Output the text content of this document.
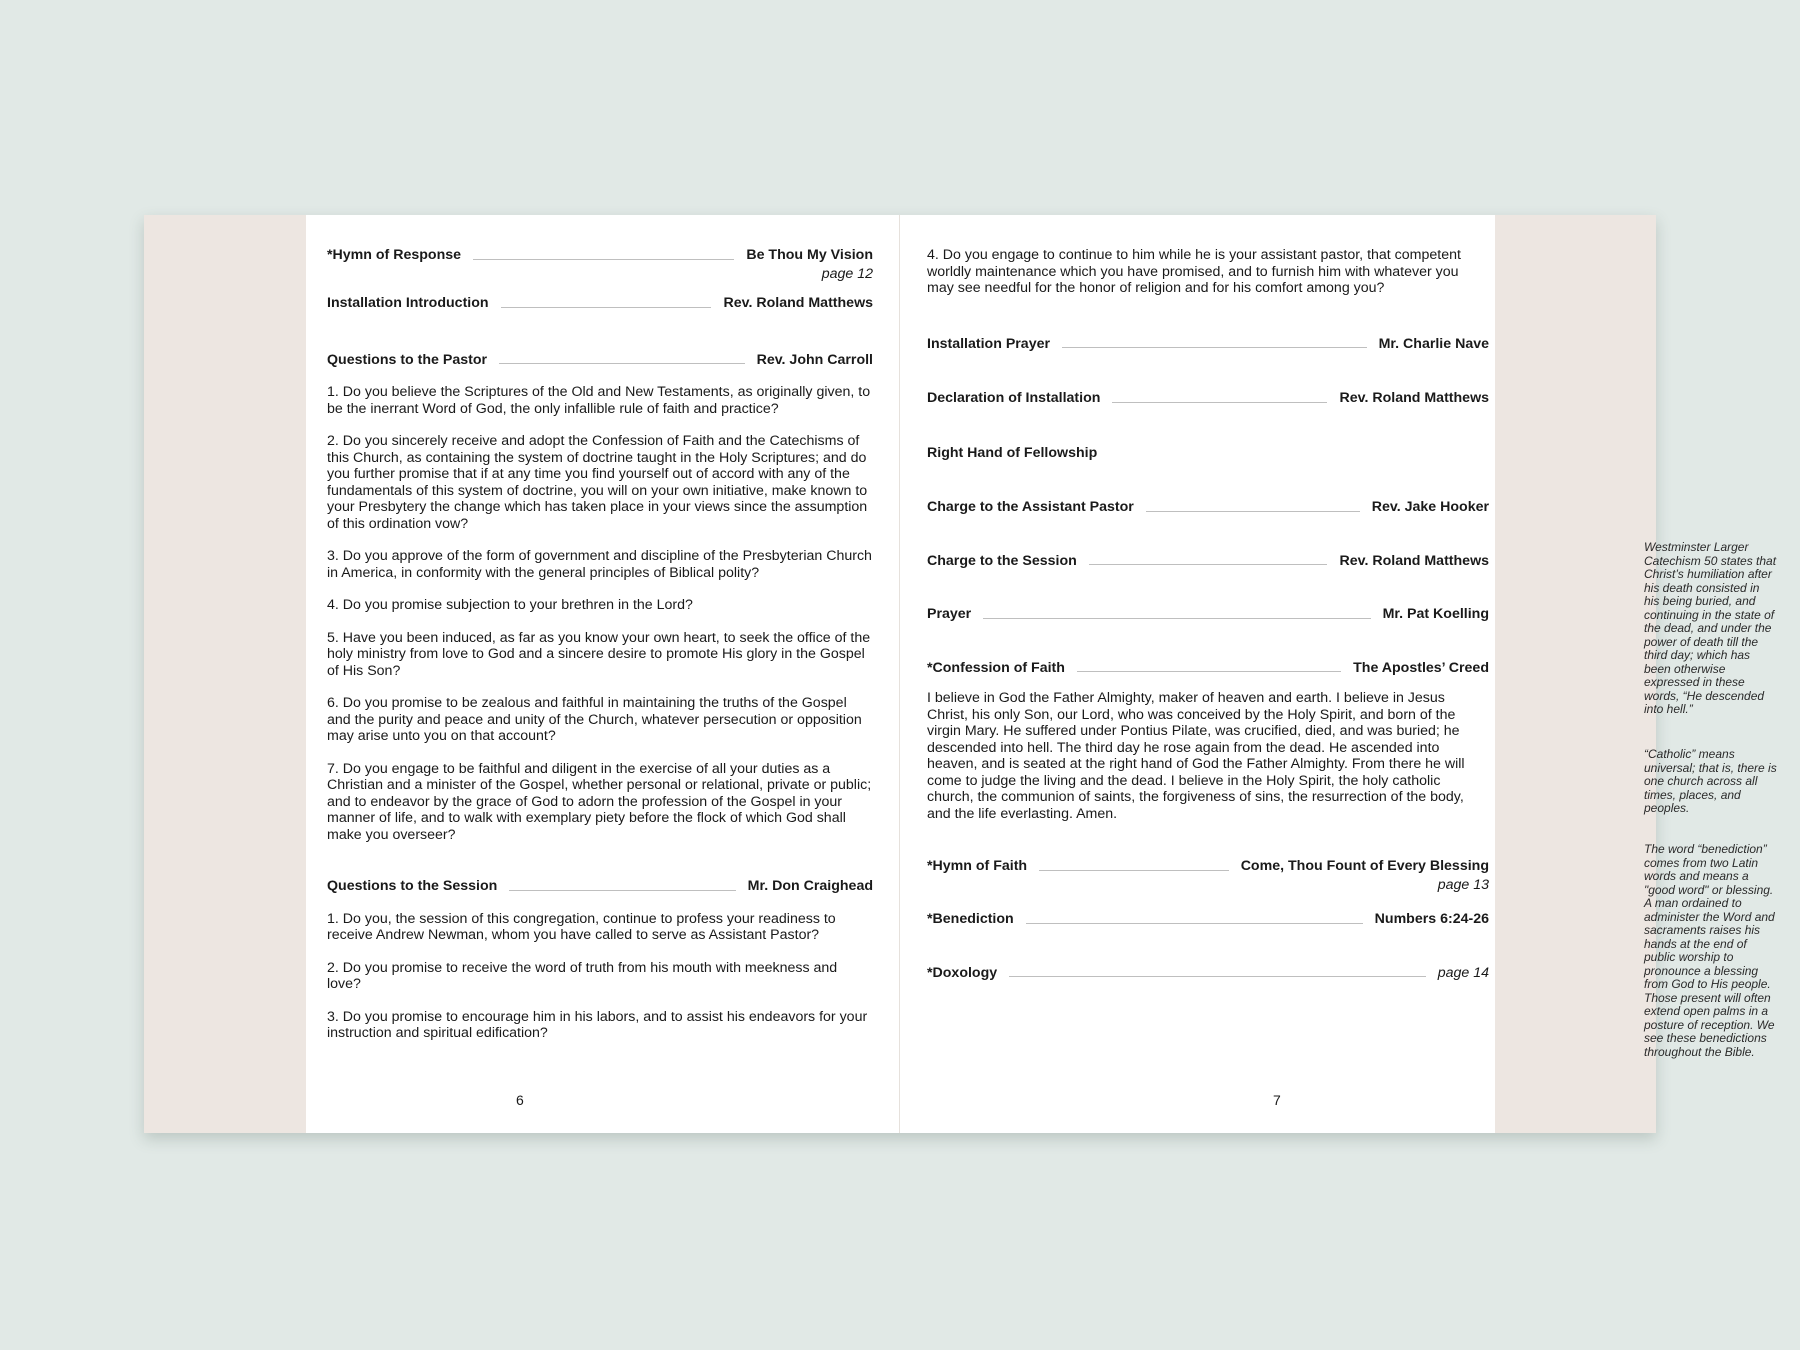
*Hymn of Response	Be Thou My Vision
page 12
Installation Introduction	Rev. Roland Matthews
Questions to the Pastor	Rev. John Carroll

1. Do you believe the Scriptures of the Old and New Testaments, as originally given, to be the inerrant Word of God, the only infallible rule of faith and practice?

2. Do you sincerely receive and adopt the Confession of Faith and the Catechisms of this Church, as containing the system of doctrine taught in the Holy Scriptures; and do you further promise that if at any time you find yourself out of accord with any of the fundamentals of this system of doctrine, you will on your own initiative, make known to your Presbytery the change which has taken place in your views since the assumption of this ordination vow?

3. Do you approve of the form of government and discipline of the Presbyterian Church in America, in conformity with the general principles of Biblical polity?

4. Do you promise subjection to your brethren in the Lord?

5. Have you been induced, as far as you know your own heart, to seek the office of the holy ministry from love to God and a sincere desire to promote His glory in the Gospel of His Son?

6. Do you promise to be zealous and faithful in maintaining the truths of the Gospel and the purity and peace and unity of the Church, whatever persecution or opposition may arise unto you on that account?

7. Do you engage to be faithful and diligent in the exercise of all your duties as a Christian and a minister of the Gospel, whether personal or relational, private or public; and to endeavor by the grace of God to adorn the profession of the Gospel in your manner of life, and to walk with exemplary piety before the flock of which God shall make you overseer?

Questions to the Session	Mr. Don Craighead

1. Do you, the session of this congregation, continue to profess your readiness to receive Andrew Newman, whom you have called to serve as Assistant Pastor?

2. Do you promise to receive the word of truth from his mouth with meekness and love?

3. Do you promise to encourage him in his labors, and to assist his endeavors for your instruction and spiritual edification?

6

4. Do you engage to continue to him while he is your assistant pastor, that competent worldly maintenance which you have promised, and to furnish him with whatever you may see needful for the honor of religion and for his comfort among you?

Installation Prayer	Mr. Charlie Nave
Declaration of Installation	Rev. Roland Matthews
Right Hand of Fellowship
Charge to the Assistant Pastor	Rev. Jake Hooker
Charge to the Session	Rev. Roland Matthews
Prayer	Mr. Pat Koelling
*Confession of Faith	The Apostles’ Creed

I believe in God the Father Almighty, maker of heaven and earth. I believe in Jesus Christ, his only Son, our Lord, who was conceived by the Holy Spirit, and born of the virgin Mary. He suffered under Pontius Pilate, was crucified, died, and was buried; he descended into hell. The third day he rose again from the dead. He ascended into heaven, and is seated at the right hand of God the Father Almighty. From there he will come to judge the living and the dead. I believe in the Holy Spirit, the holy catholic church, the communion of saints, the forgiveness of sins, the resurrection of the body, and the life everlasting. Amen.

*Hymn of Faith	Come, Thou Fount of Every Blessing
page 13
*Benediction	Numbers 6:24-26
*Doxology	page 14
7
Westminster Larger Catechism 50 states that Christ’s humiliation after his death consisted in his being buried, and continuing in the state of the dead, and under the power of death till the third day; which has been otherwise expressed in these words, “He descended into hell.”
“Catholic” means universal; that is, there is one church across all times, places, and peoples.
The word “benediction” comes from two Latin words and means a "good word" or blessing. A man ordained to administer the Word and sacraments raises his hands at the end of public worship to pronounce a blessing from God to His people. Those present will often extend open palms in a posture of reception. We see these benedictions throughout the Bible.
